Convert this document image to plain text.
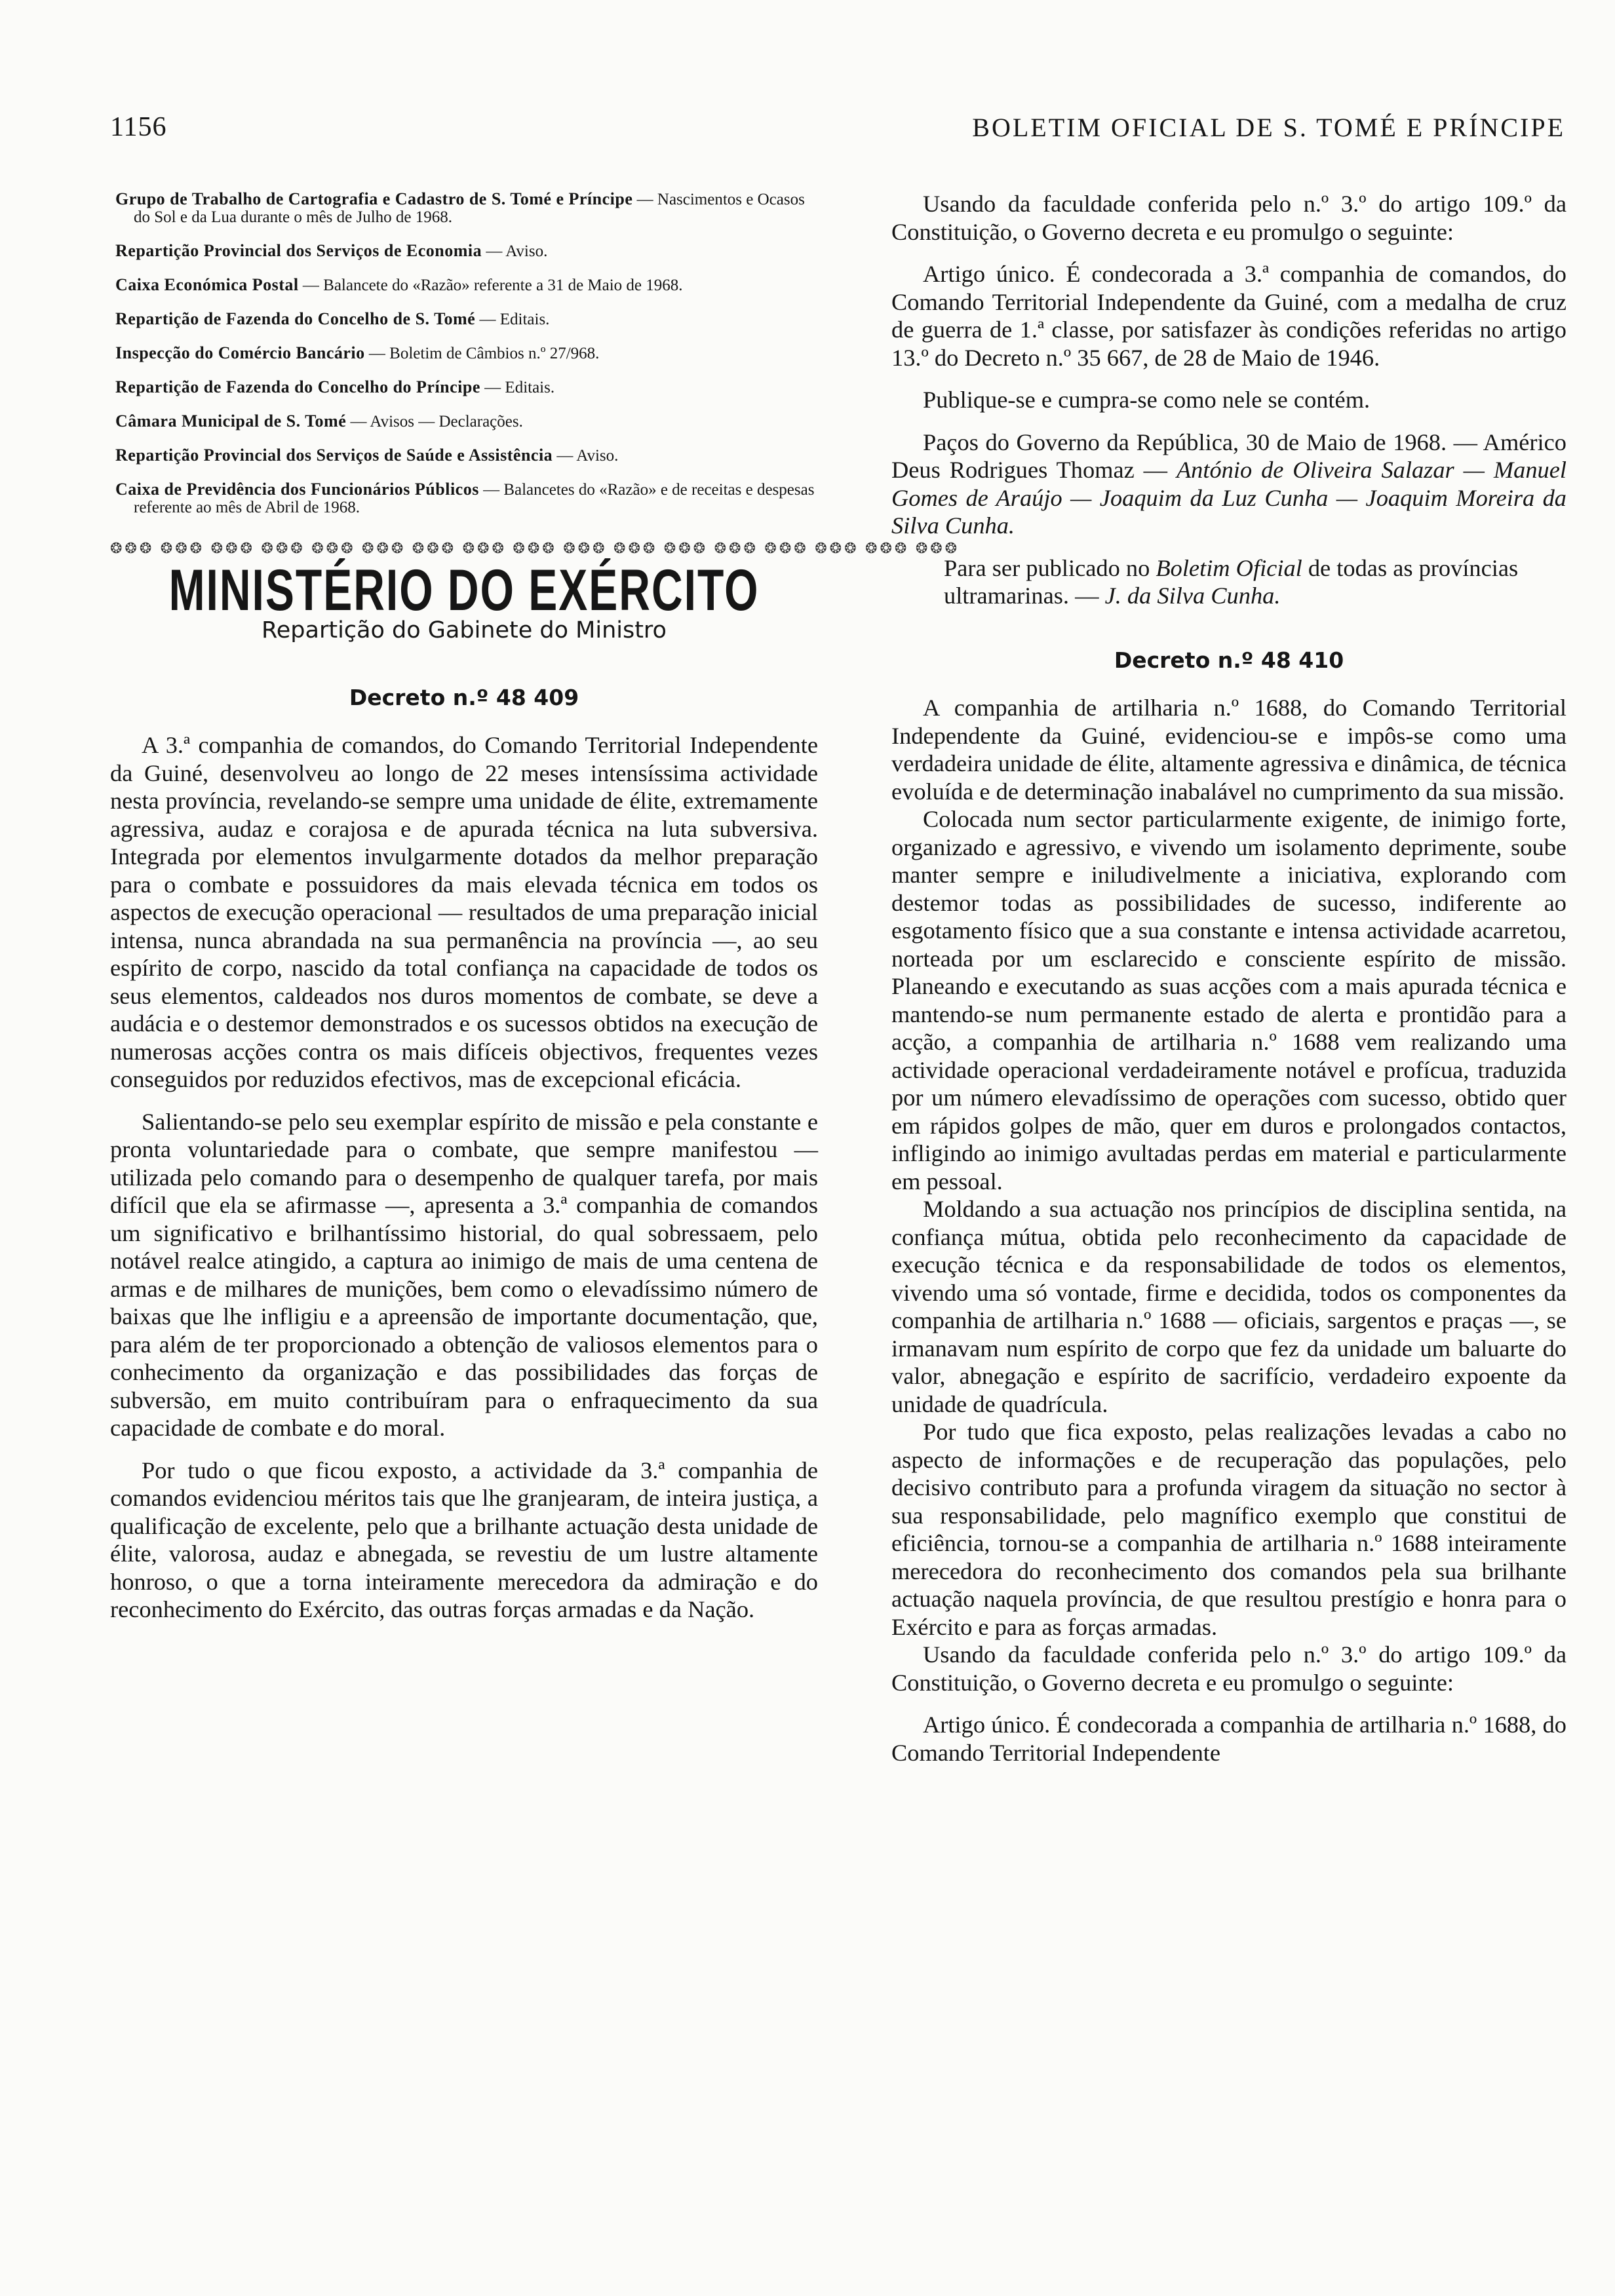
1156	BOLETIM OFICIAL DE S. TOMÉ E PRÍNCIPE
Grupo de Trabalho de Cartografia e Cadastro de S. Tomé e Príncipe — Nascimentos e Ocasos do Sol e da Lua durante o mês de Julho de 1968.
Repartição Provincial dos Serviços de Economia — Aviso.
Caixa Económica Postal — Balancete do «Razão» referente a 31 de Maio de 1968.
Repartição de Fazenda do Concelho de S. Tomé — Editais.
Inspecção do Comércio Bancário — Boletim de Câmbios n.º 27/968.
Repartição de Fazenda do Concelho do Príncipe — Editais.
Câmara Municipal de S. Tomé — Avisos — Declarações.
Repartição Provincial dos Serviços de Saúde e Assistência — Aviso.
Caixa de Previdência dos Funcionários Públicos — Balancetes do «Razão» e de receitas e despesas referente ao mês de Abril de 1968.
❂❂❂ ❂❂❂ ❂❂❂ ❂❂❂ ❂❂❂ ❂❂❂ ❂❂❂ ❂❂❂ ❂❂❂ ❂❂❂ ❂❂❂ ❂❂❂ ❂❂❂ ❂❂❂ ❂❂❂ ❂❂❂ ❂❂❂
MINISTÉRIO DO EXÉRCITO
Repartição do Gabinete do Ministro
Decreto n.º 48 409

A 3.ª companhia de comandos, do Comando Territorial Independente da Guiné, desenvolveu ao longo de 22 meses intensíssima actividade nesta província, revelando-se sempre uma unidade de élite, extremamente agressiva, audaz e corajosa e de apurada técnica na luta subversiva. Integrada por elementos invulgarmente dotados da melhor preparação para o combate e possuidores da mais elevada técnica em todos os aspectos de execução operacional — resultados de uma preparação inicial intensa, nunca abrandada na sua permanência na província —, ao seu espírito de corpo, nascido da total confiança na capacidade de todos os seus elementos, caldeados nos duros momentos de combate, se deve a audácia e o destemor demonstrados e os sucessos obtidos na execução de numerosas acções contra os mais difíceis objectivos, frequentes vezes conseguidos por reduzidos efectivos, mas de excepcional eficácia.

Salientando-se pelo seu exemplar espírito de missão e pela constante e pronta voluntariedade para o combate, que sempre manifestou — utilizada pelo comando para o desempenho de qualquer tarefa, por mais difícil que ela se afirmasse —, apresenta a 3.ª companhia de comandos um significativo e brilhantíssimo historial, do qual sobressaem, pelo notável realce atingido, a captura ao inimigo de mais de uma centena de armas e de milhares de munições, bem como o elevadíssimo número de baixas que lhe infligiu e a apreensão de importante documentação, que, para além de ter proporcionado a obtenção de valiosos elementos para o conhecimento da organização e das possibilidades das forças de subversão, em muito contribuíram para o enfraquecimento da sua capacidade de combate e do moral.

Por tudo o que ficou exposto, a actividade da 3.ª companhia de comandos evidenciou méritos tais que lhe granjearam, de inteira justiça, a qualificação de excelente, pelo que a brilhante actuação desta unidade de élite, valorosa, audaz e abnegada, se revestiu de um lustre altamente honroso, o que a torna inteiramente merecedora da admiração e do reconhecimento do Exército, das outras forças armadas e da Nação.

Usando da faculdade conferida pelo n.º 3.º do artigo 109.º da Constituição, o Governo decreta e eu promulgo o seguinte:

Artigo único. É condecorada a 3.ª companhia de comandos, do Comando Territorial Independente da Guiné, com a medalha de cruz de guerra de 1.ª classe, por satisfazer às condições referidas no artigo 13.º do Decreto n.º 35 667, de 28 de Maio de 1946.

Publique-se e cumpra-se como nele se contém.

Paços do Governo da República, 30 de Maio de 1968. — Américo Deus Rodrigues Thomaz — António de Oliveira Salazar — Manuel Gomes de Araújo — Joaquim da Luz Cunha — Joaquim Moreira da Silva Cunha.

Para ser publicado no Boletim Oficial de todas as províncias ultramarinas. — J. da Silva Cunha.

Decreto n.º 48 410

A companhia de artilharia n.º 1688, do Comando Territorial Independente da Guiné, evidenciou-se e impôs-se como uma verdadeira unidade de élite, altamente agressiva e dinâmica, de técnica evoluída e de determinação inabalável no cumprimento da sua missão.

Colocada num sector particularmente exigente, de inimigo forte, organizado e agressivo, e vivendo um isolamento deprimente, soube manter sempre e iniludivelmente a iniciativa, explorando com destemor todas as possibilidades de sucesso, indiferente ao esgotamento físico que a sua constante e intensa actividade acarretou, norteada por um esclarecido e consciente espírito de missão. Planeando e executando as suas acções com a mais apurada técnica e mantendo-se num permanente estado de alerta e prontidão para a acção, a companhia de artilharia n.º 1688 vem realizando uma actividade operacional verdadeiramente notável e profícua, traduzida por um número elevadíssimo de operações com sucesso, obtido quer em rápidos golpes de mão, quer em duros e prolongados contactos, infligindo ao inimigo avultadas perdas em material e particularmente em pessoal.

Moldando a sua actuação nos princípios de disciplina sentida, na confiança mútua, obtida pelo reconhecimento da capacidade de execução técnica e da responsabilidade de todos os elementos, vivendo uma só vontade, firme e decidida, todos os componentes da companhia de artilharia n.º 1688 — oficiais, sargentos e praças —, se irmanavam num espírito de corpo que fez da unidade um baluarte do valor, abnegação e espírito de sacrifício, verdadeiro expoente da unidade de quadrícula.

Por tudo que fica exposto, pelas realizações levadas a cabo no aspecto de informações e de recuperação das populações, pelo decisivo contributo para a profunda viragem da situação no sector à sua responsabilidade, pelo magnífico exemplo que constitui de eficiência, tornou-se a companhia de artilharia n.º 1688 inteiramente merecedora do reconhecimento dos comandos pela sua brilhante actuação naquela província, de que resultou prestígio e honra para o Exército e para as forças armadas.

Usando da faculdade conferida pelo n.º 3.º do artigo 109.º da Constituição, o Governo decreta e eu promulgo o seguinte:

Artigo único. É condecorada a companhia de artilharia n.º 1688, do Comando Territorial Independente
